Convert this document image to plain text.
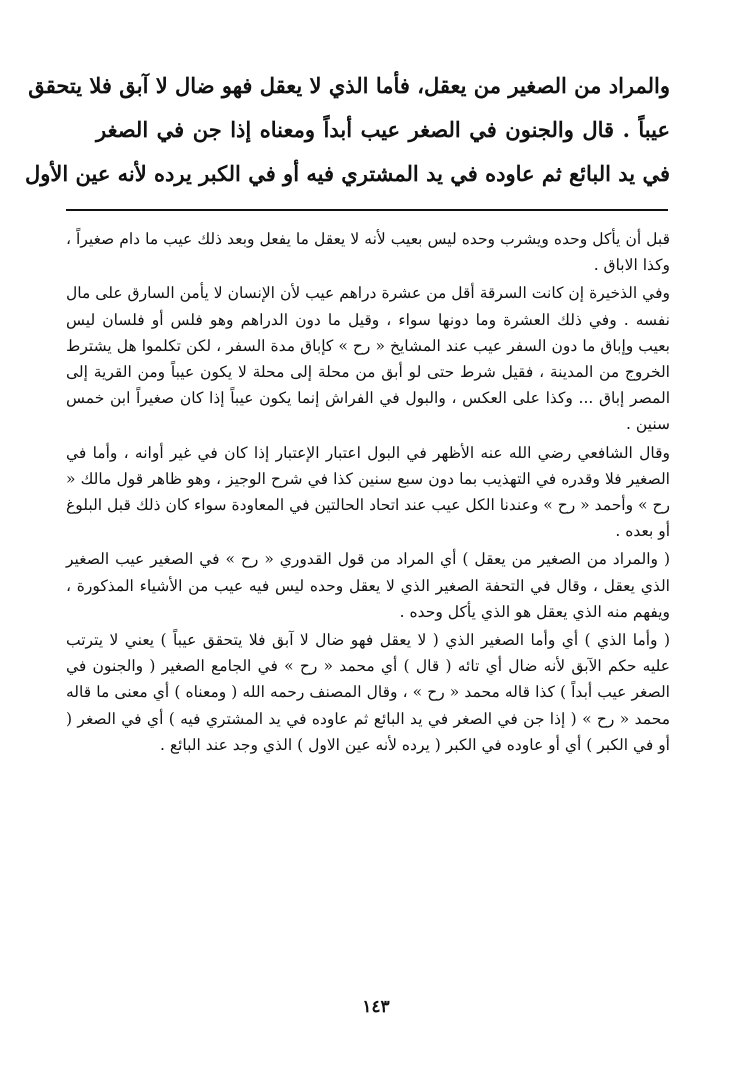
والمراد من الصغير من يعقل، فأما الذي لا يعقل فهو ضال لا آبق فلا يتحقق
عيباً . قال والجنون في الصغر عيب أبداً ومعناه إذا جن في الصغر
في يد البائع ثم عاوده في يد المشتري فيه أو في الكبر يرده لأنه عين الأول

قبل أن يأكل وحده ويشرب وحده ليس بعيب لأنه لا يعقل ما يفعل وبعد ذلك عيب ما دام صغيراً ، وكذا الاباق .

وفي الذخيرة إن كانت السرقة أقل من عشرة دراهم عيب لأن الإنسان لا يأمن السارق على مال نفسه . وفي ذلك العشرة وما دونها سواء ، وقيل ما دون الدراهم وهو فلس أو فلسان ليس بعيب وإباق ما دون السفر عيب عند المشايخ « رح » كإباق مدة السفر ، لكن تكلموا هل يشترط الخروج من المدينة ، فقيل شرط حتى لو أبق من محلة إلى محلة لا يكون عيباً ومن القرية إلى المصر إباق ... وكذا على العكس ، والبول في الفراش إنما يكون عيباً إذا كان صغيراً ابن خمس سنين .

وقال الشافعي رضي الله عنه الأظهر في البول اعتبار الإعتبار إذا كان في غير أوانه ، وأما في الصغير فلا وقدره في التهذيب بما دون سبع سنين كذا في شرح الوجيز ، وهو ظاهر قول مالك « رح » وأحمد « رح » وعندنا الكل عيب عند اتحاد الحالتين في المعاودة سواء كان ذلك قبل البلوغ أو بعده .

( والمراد من الصغير من يعقل ) أي المراد من قول القدوري « رح » في الصغير عيب الصغير الذي يعقل ، وقال في التحفة الصغير الذي لا يعقل وحده ليس فيه عيب من الأشياء المذكورة ، ويفهم منه الذي يعقل هو الذي يأكل وحده .

( وأما الذي ) أي وأما الصغير الذي ( لا يعقل فهو ضال لا آبق فلا يتحقق عيباً ) يعني لا يترتب عليه حكم الآبق لأنه ضال أي تائه ( قال ) أي محمد « رح » في الجامع الصغير ( والجنون في الصغر عيب أبداً ) كذا قاله محمد « رح » ، وقال المصنف رحمه الله ( ومعناه ) أي معنى ما قاله محمد « رح » ( إذا جن في الصغر في يد البائع ثم عاوده في يد المشتري فيه ) أي في الصغر ( أو في الكبر ) أي أو عاوده في الكبر ( يرده لأنه عين الاول ) الذي وجد عند البائع .

١٤٣
